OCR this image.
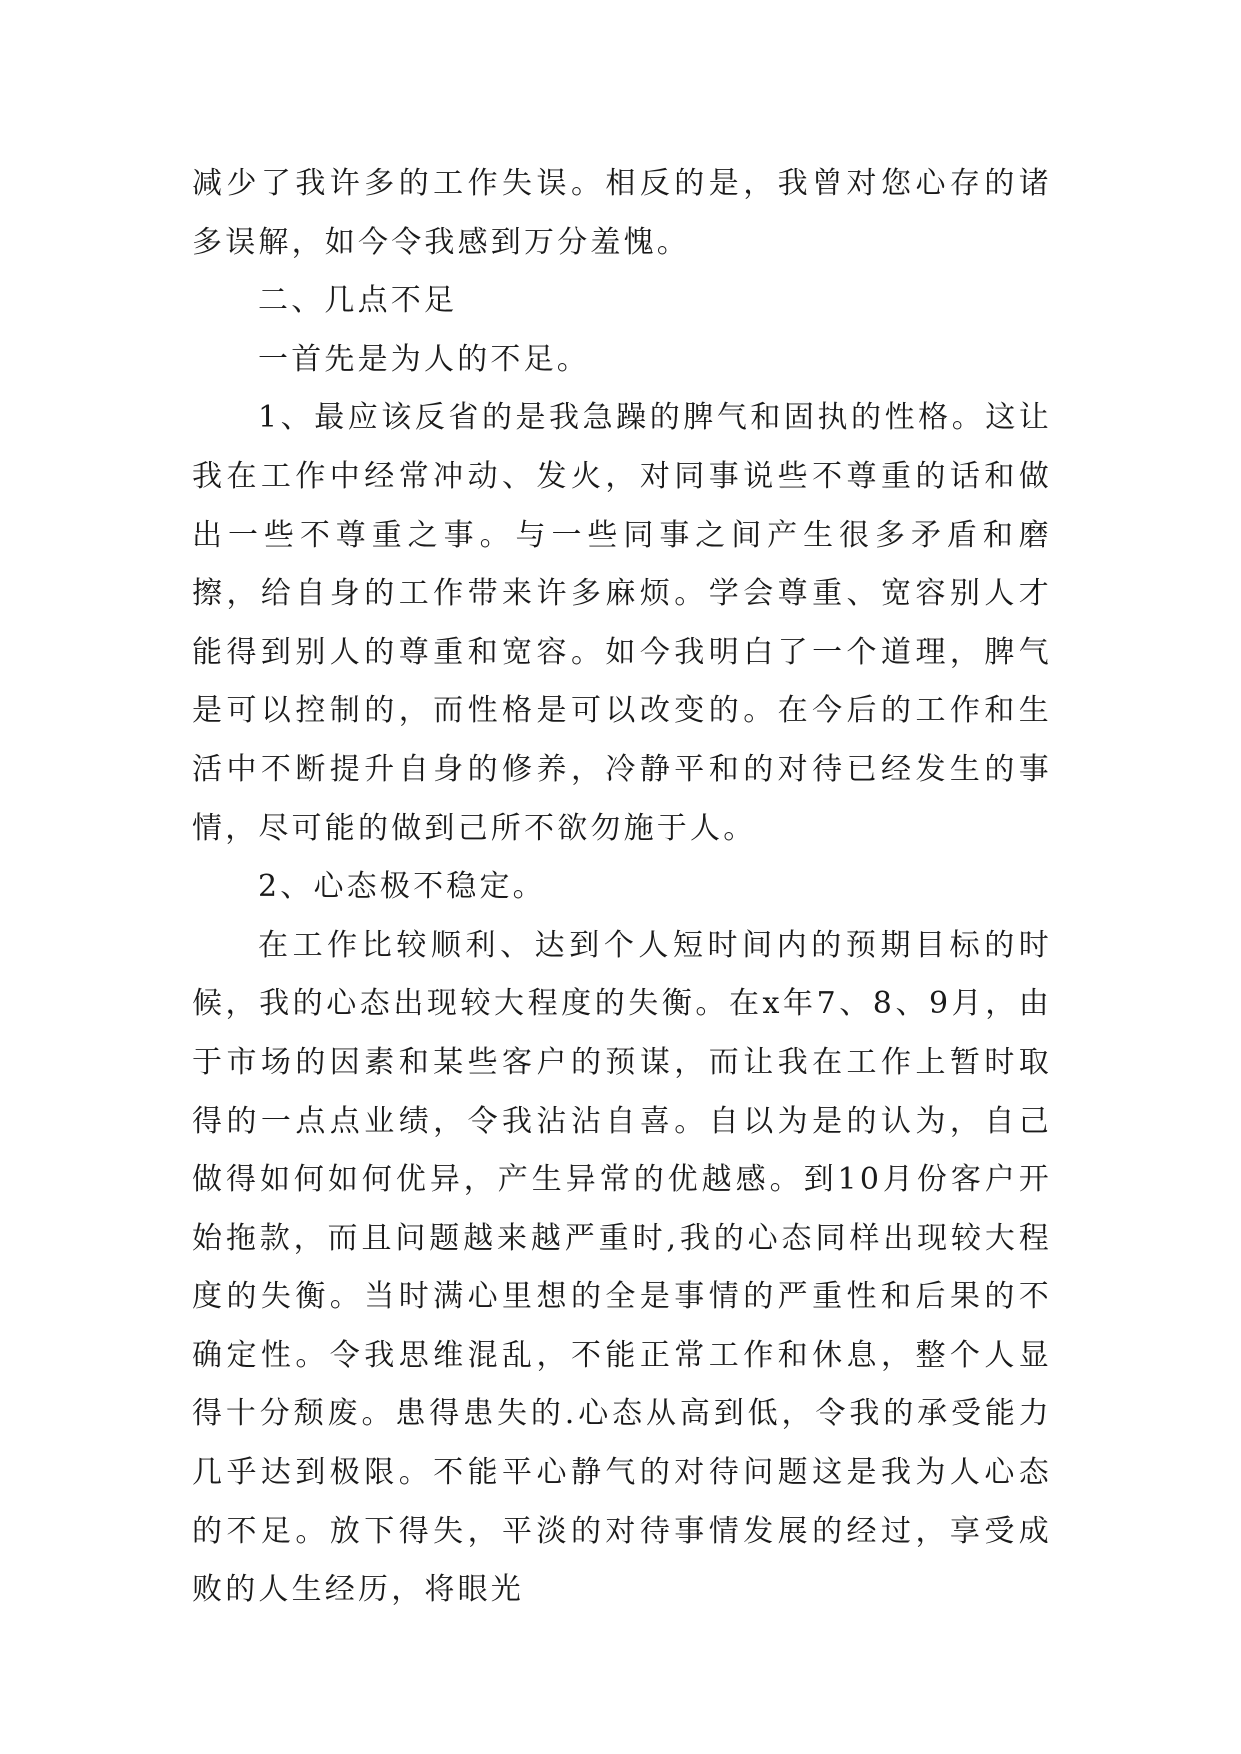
减少了我许多的工作失误。相反的是，我曾对您心存的诸多误解，如今令我感到万分羞愧。

二、几点不足

一首先是为人的不足。

1、最应该反省的是我急躁的脾气和固执的性格。这让我在工作中经常冲动、发火，对同事说些不尊重的话和做出一些不尊重之事。与一些同事之间产生很多矛盾和磨擦，给自身的工作带来许多麻烦。学会尊重、宽容别人才能得到别人的尊重和宽容。如今我明白了一个道理，脾气是可以控制的，而性格是可以改变的。在今后的工作和生活中不断提升自身的修养，冷静平和的对待已经发生的事情，尽可能的做到己所不欲勿施于人。

2、心态极不稳定。

在工作比较顺利、达到个人短时间内的预期目标的时候，我的心态出现较大程度的失衡。在x年7、8、9月，由于市场的因素和某些客户的预谋，而让我在工作上暂时取得的一点点业绩，令我沾沾自喜。自以为是的认为，自己做得如何如何优异，产生异常的优越感。到10月份客户开始拖款，而且问题越来越严重时,我的心态同样出现较大程度的失衡。当时满心里想的全是事情的严重性和后果的不确定性。令我思维混乱，不能正常工作和休息，整个人显得十分颓废。患得患失的.心态从高到低，令我的承受能力几乎达到极限。不能平心静气的对待问题这是我为人心态的不足。放下得失，平淡的对待事情发展的经过，享受成败的人生经历，将眼光
